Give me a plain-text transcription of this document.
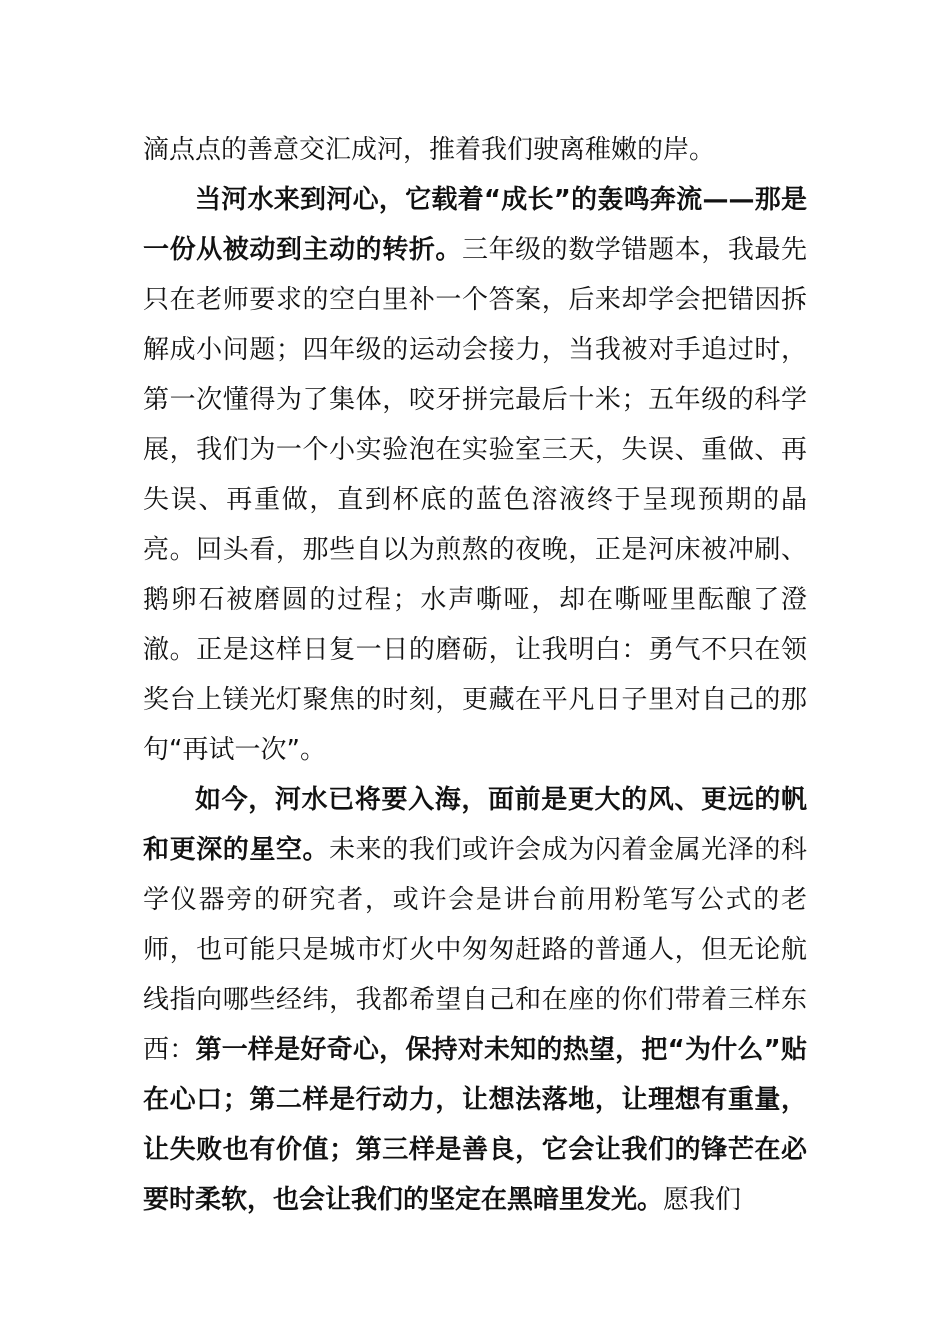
滴点点的善意交汇成河，推着我们驶离稚嫩的岸。

当河水来到河心，它载着“成长”的轰鸣奔流——那是一份从被动到主动的转折。三年级的数学错题本，我最先只在老师要求的空白里补一个答案，后来却学会把错因拆解成小问题；四年级的运动会接力，当我被对手追过时，第一次懂得为了集体，咬牙拼完最后十米；五年级的科学展，我们为一个小实验泡在实验室三天，失误、重做、再失误、再重做，直到杯底的蓝色溶液终于呈现预期的晶亮。回头看，那些自以为煎熬的夜晚，正是河床被冲刷、鹅卵石被磨圆的过程；水声嘶哑，却在嘶哑里酝酿了澄澈。正是这样日复一日的磨砺，让我明白：勇气不只在领奖台上镁光灯聚焦的时刻，更藏在平凡日子里对自己的那句“再试一次”。

如今，河水已将要入海，面前是更大的风、更远的帆和更深的星空。未来的我们或许会成为闪着金属光泽的科学仪器旁的研究者，或许会是讲台前用粉笔写公式的老师，也可能只是城市灯火中匆匆赶路的普通人，但无论航线指向哪些经纬，我都希望自己和在座的你们带着三样东西：第一样是好奇心，保持对未知的热望，把“为什么”贴在心口；第二样是行动力，让想法落地，让理想有重量，让失败也有价值；第三样是善良，它会让我们的锋芒在必要时柔软，也会让我们的坚定在黑暗里发光。愿我们
